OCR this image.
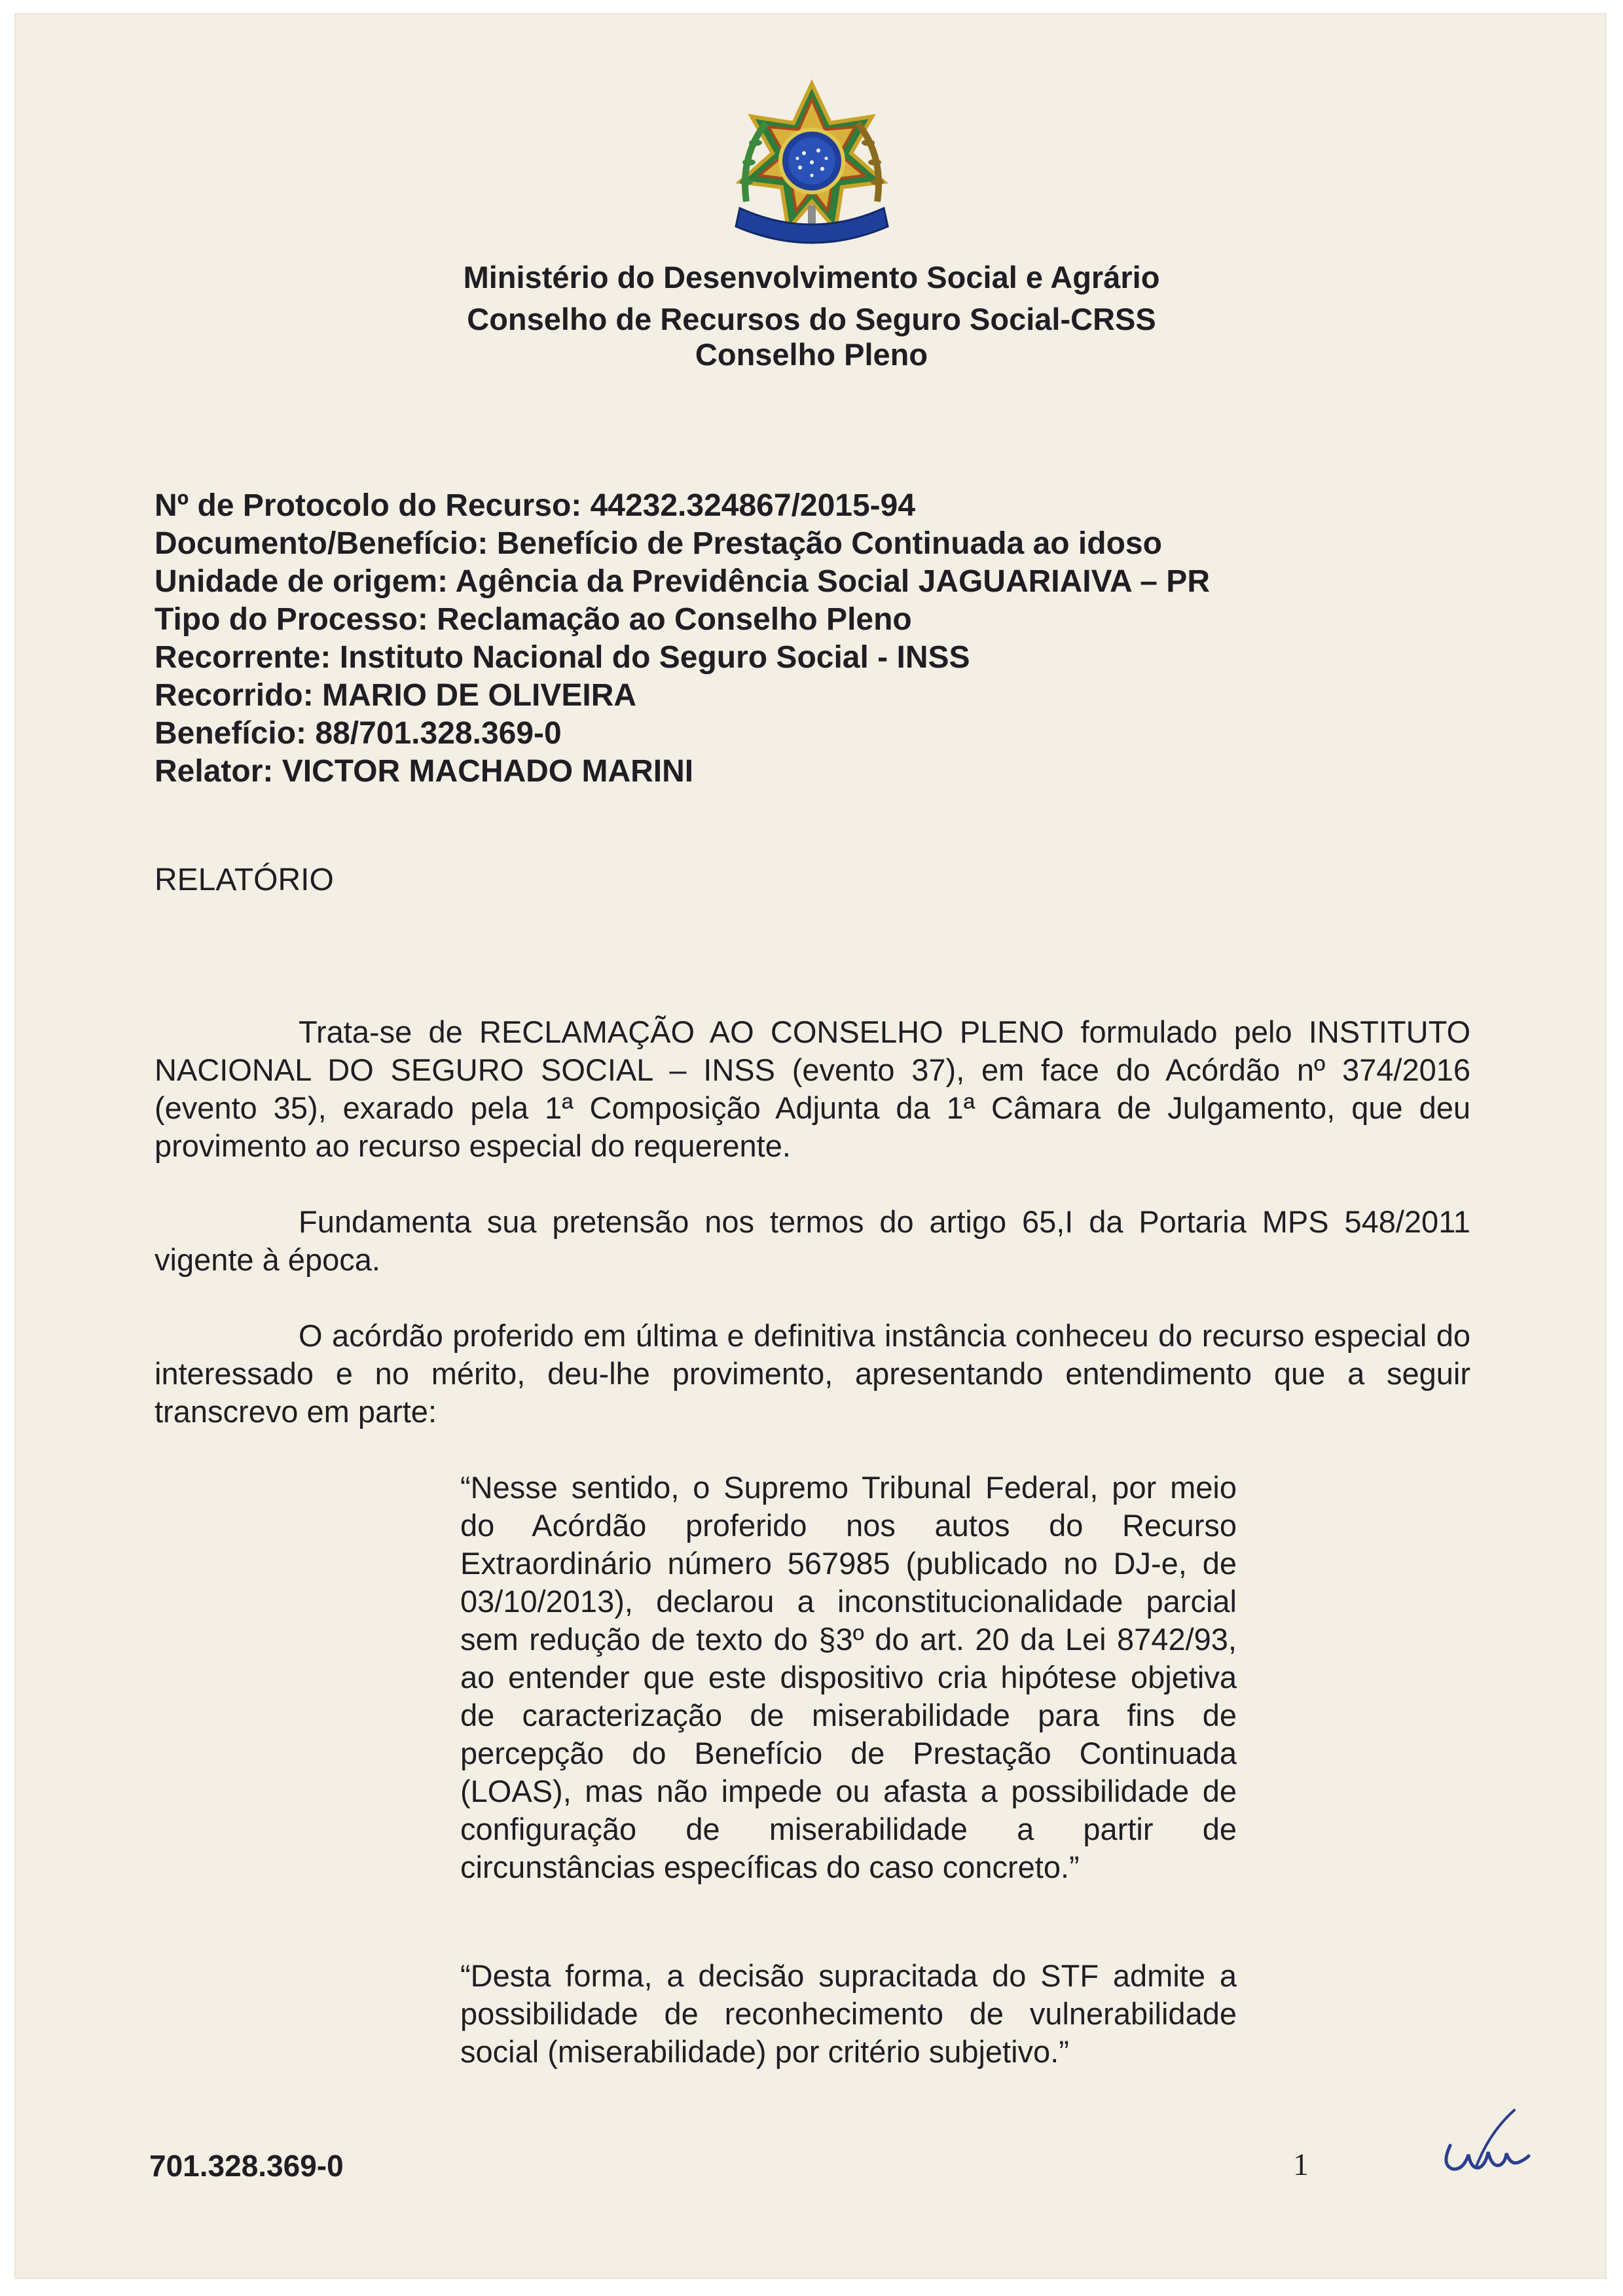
Ministério do Desenvolvimento Social e Agrário
Conselho de Recursos do Seguro Social-CRSS
Conselho Pleno
Nº de Protocolo do Recurso: 44232.324867/2015-94
Documento/Benefício: Benefício de Prestação Continuada ao idoso
Unidade de origem: Agência da Previdência Social JAGUARIAIVA – PR
Tipo do Processo: Reclamação ao Conselho Pleno
Recorrente: Instituto Nacional do Seguro Social - INSS
Recorrido: MARIO DE OLIVEIRA
Benefício: 88/701.328.369-0
Relator: VICTOR MACHADO MARINI
RELATÓRIO
Trata-se de RECLAMAÇÃO AO CONSELHO PLENO formulado pelo INSTITUTO NACIONAL DO SEGURO SOCIAL – INSS (evento 37), em face do Acórdão nº 374/2016 (evento 35), exarado pela 1ª Composição Adjunta da 1ª Câmara de Julgamento, que deu provimento ao recurso especial do requerente.
Fundamenta sua pretensão nos termos do artigo 65,I da Portaria MPS 548/2011 vigente à época.
O acórdão proferido em última e definitiva instância conheceu do recurso especial do interessado e no mérito, deu-lhe provimento, apresentando entendimento que a seguir transcrevo em parte:
“Nesse sentido, o Supremo Tribunal Federal, por meio do Acórdão proferido nos autos do Recurso Extraordinário número 567985 (publicado no DJ-e, de 03/10/2013), declarou a inconstitucionalidade parcial sem redução de texto do §3º do art. 20 da Lei 8742/93, ao entender que este dispositivo cria hipótese objetiva de caracterização de miserabilidade para fins de percepção do Benefício de Prestação Continuada (LOAS), mas não impede ou afasta a possibilidade de configuração de miserabilidade a partir de circunstâncias específicas do caso concreto.”
“Desta forma, a decisão supracitada do STF admite a possibilidade de reconhecimento de vulnerabilidade social (miserabilidade) por critério subjetivo.”
701.328.369-0	1
